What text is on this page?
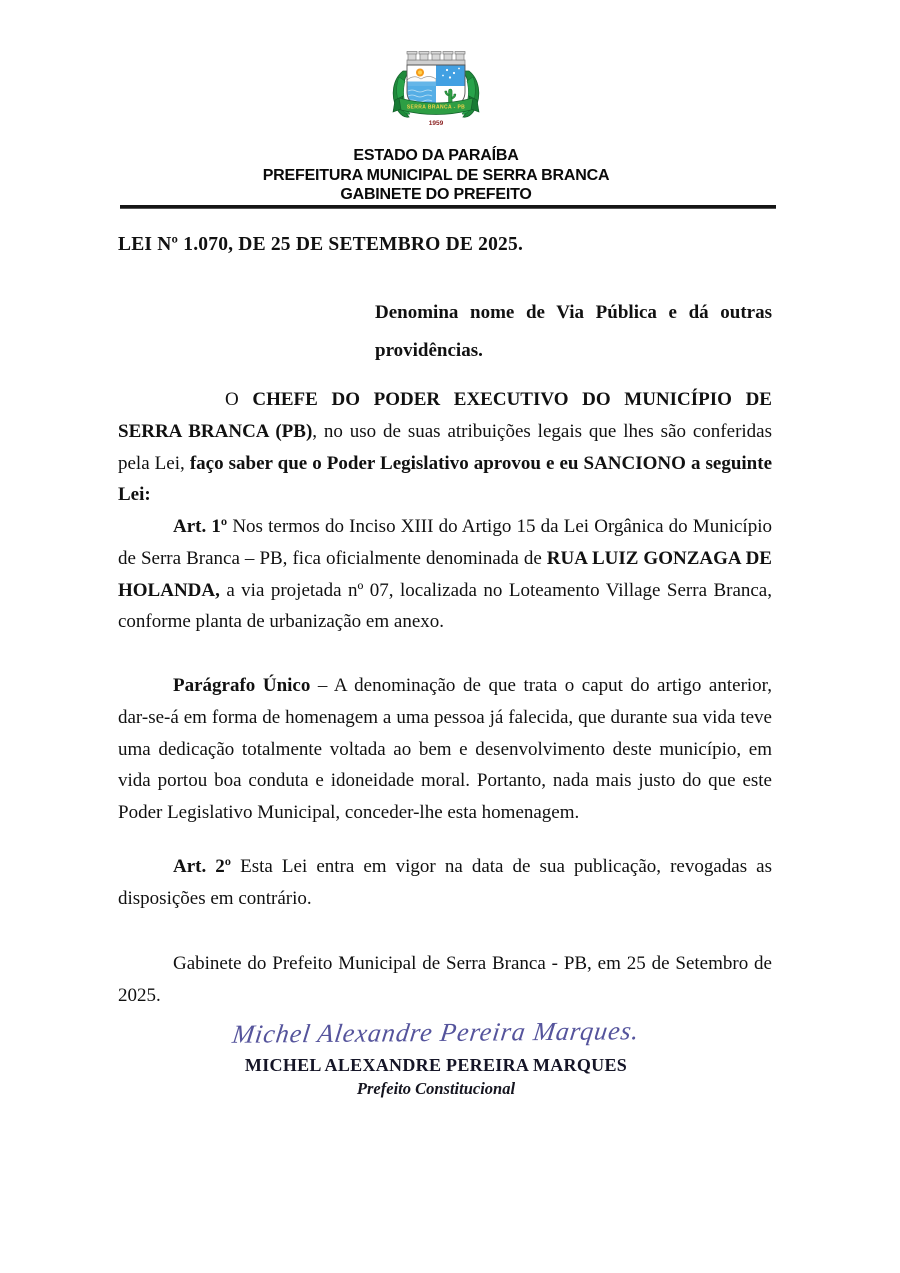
SERRA BRANCA - PB
1959
ESTADO DA PARAÍBA
PREFEITURA MUNICIPAL DE SERRA BRANCA
GABINETE DO PREFEITO
LEI Nº 1.070, DE 25 DE SETEMBRO DE 2025.
Denomina nome de Via Pública e dá outras providências.
O CHEFE DO PODER EXECUTIVO DO MUNICÍPIO DE SERRA BRANCA (PB), no uso de suas atribuições legais que lhes são conferidas pela Lei, faço saber que o Poder Legislativo aprovou e eu SANCIONO a seguinte Lei:
Art. 1º Nos termos do Inciso XIII do Artigo 15 da Lei Orgânica do Município de Serra Branca – PB, fica oficialmente denominada de RUA LUIZ GONZAGA DE HOLANDA, a via projetada nº 07, localizada no Loteamento Village Serra Branca, conforme planta de urbanização em anexo.
Parágrafo Único – A denominação de que trata o caput do artigo anterior, dar-se-á em forma de homenagem a uma pessoa já falecida, que durante sua vida teve uma dedicação totalmente voltada ao bem e desenvolvimento deste município, em vida portou boa conduta e idoneidade moral. Portanto, nada mais justo do que este Poder Legislativo Municipal, conceder-lhe esta homenagem.
Art. 2º Esta Lei entra em vigor na data de sua publicação, revogadas as disposições em contrário.
Gabinete do Prefeito Municipal de Serra Branca - PB, em 25 de Setembro de 2025.
Michel Alexandre Pereira Marques.
MICHEL ALEXANDRE PEREIRA MARQUES
Prefeito Constitucional
